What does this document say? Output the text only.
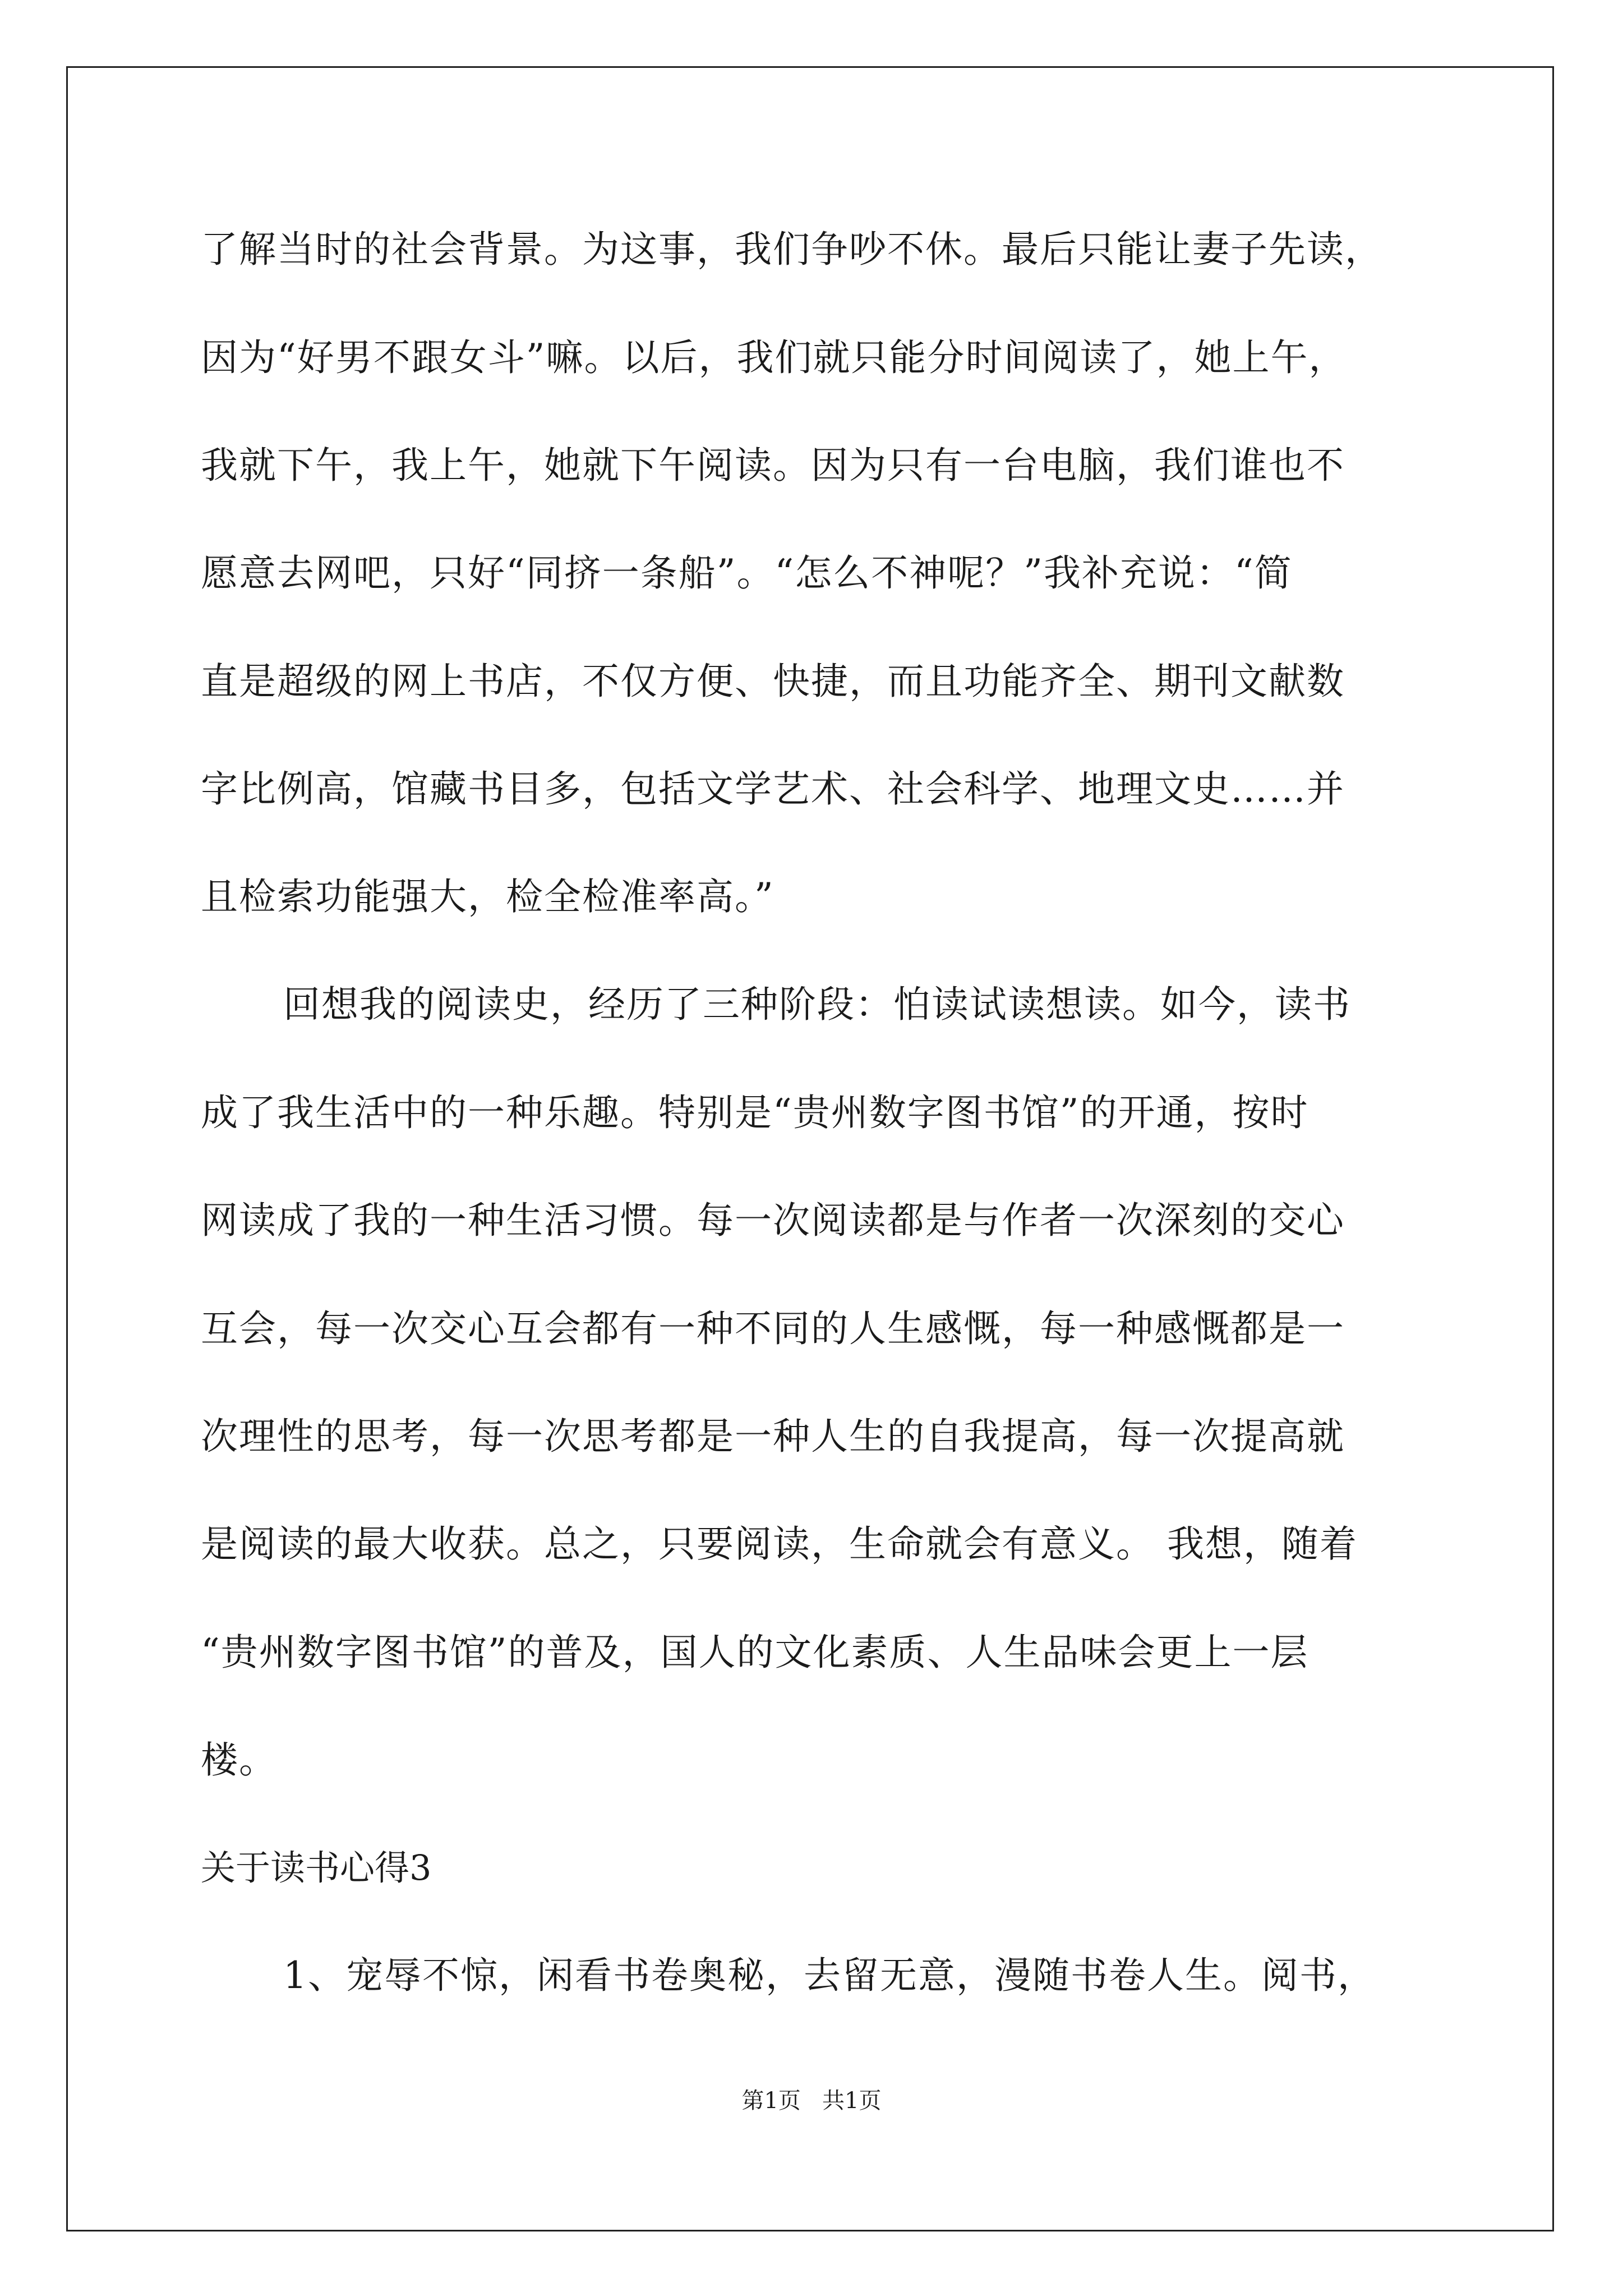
了解当时的社会背景。为这事，我们争吵不休。最后只能让妻子先读，
因为“好男不跟女斗”嘛。以后，我们就只能分时间阅读了，她上午，
我就下午，我上午，她就下午阅读。因为只有一台电脑，我们谁也不
愿意去网吧，只好“同挤一条船”。“怎么不神呢？”我补充说：“简
直是超级的网上书店，不仅方便、快捷，而且功能齐全、期刊文献数
字比例高，馆藏书目多，包括文学艺术、社会科学、地理文史……并
且检索功能强大，检全检准率高。”
回想我的阅读史，经历了三种阶段：怕读试读想读。如今，读书
成了我生活中的一种乐趣。特别是“贵州数字图书馆”的开通，按时
网读成了我的一种生活习惯。每一次阅读都是与作者一次深刻的交心
互会，每一次交心互会都有一种不同的人生感慨，每一种感慨都是一
次理性的思考，每一次思考都是一种人生的自我提高，每一次提高就
是阅读的最大收获。总之，只要阅读，生命就会有意义。 我想，随着
“贵州数字图书馆”的普及，国人的文化素质、人生品味会更上一层
楼。
关于读书心得3
1、宠辱不惊，闲看书卷奥秘，去留无意，漫随书卷人生。阅书，
第1页   共1页
